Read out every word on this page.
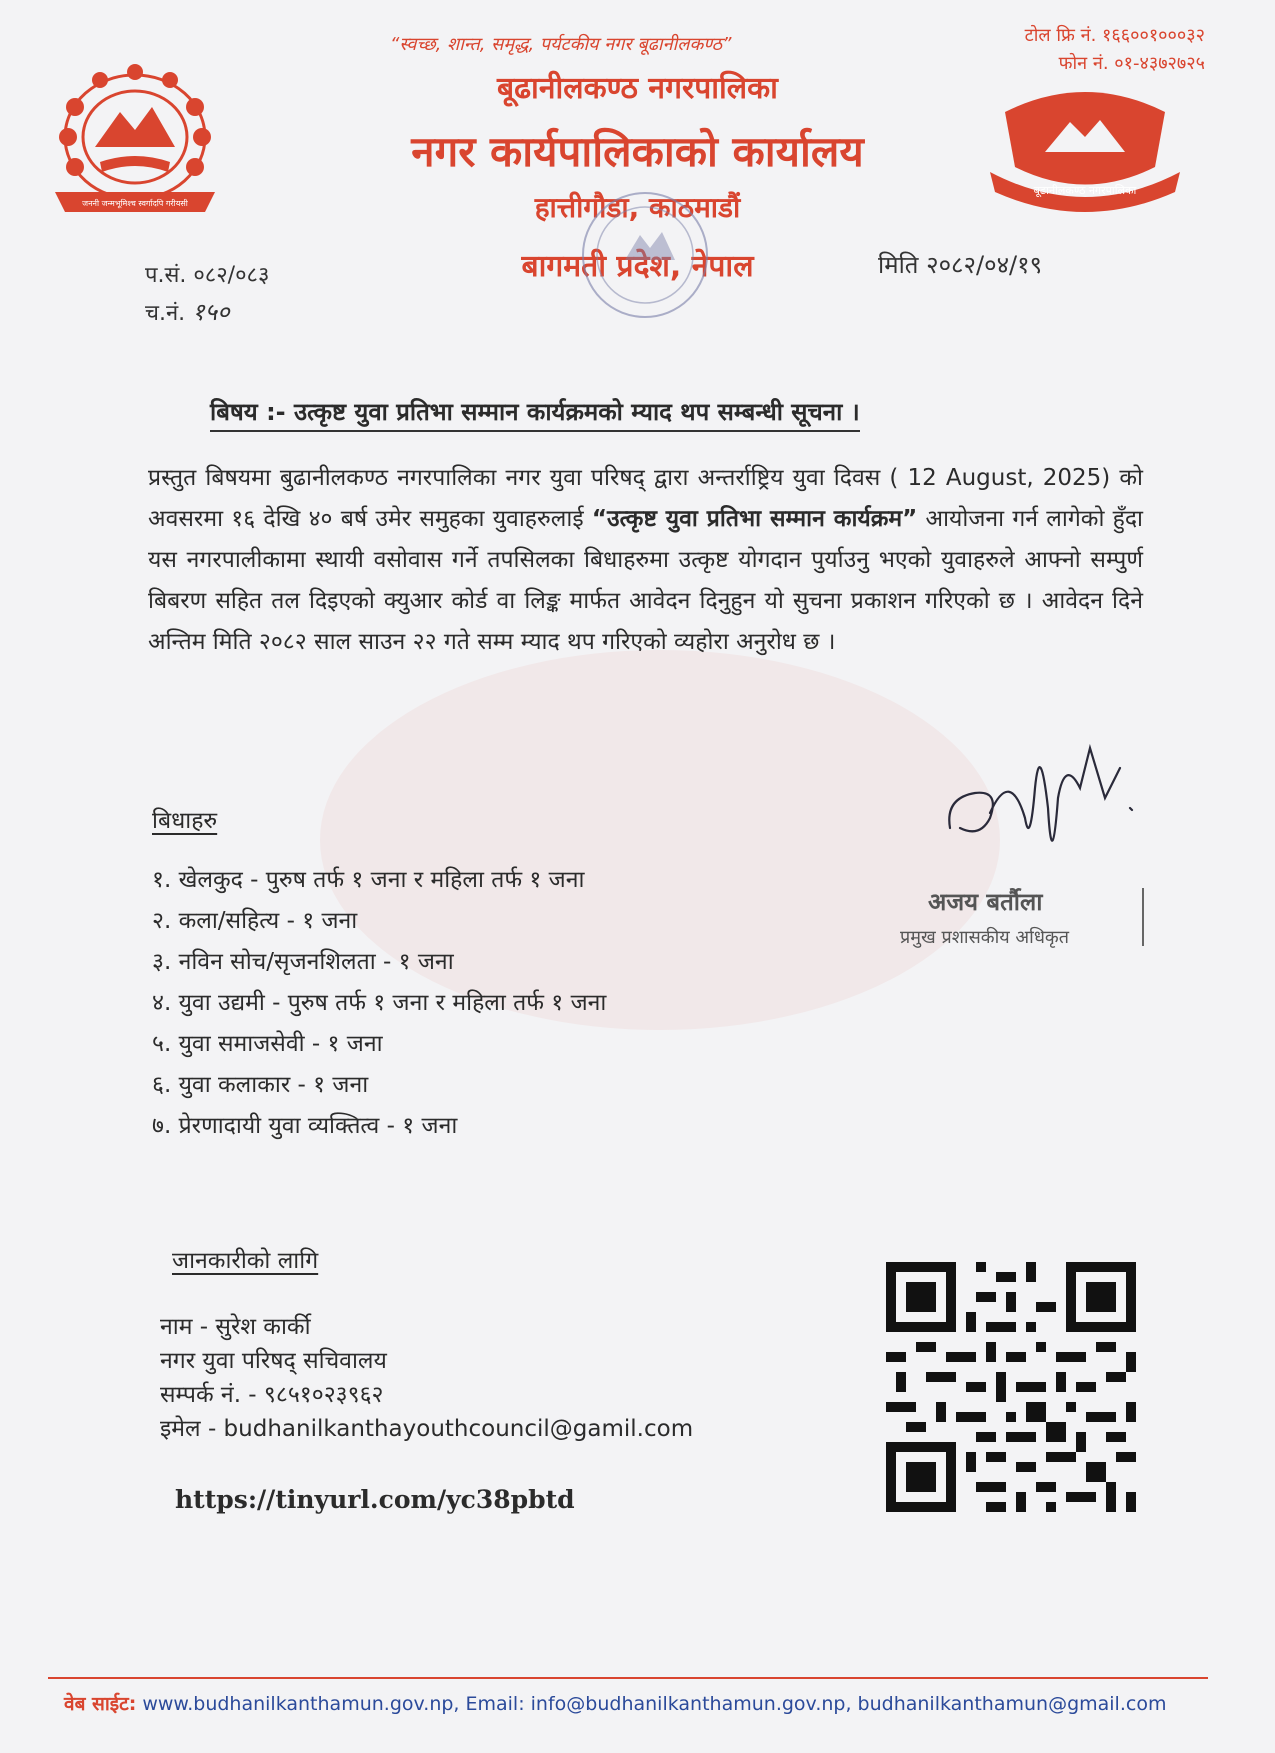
जननी जन्मभूमिश्च स्वर्गादपि गरीयसी
बूढानीलकण्ठ नगरपालिका
“स्वच्छ, शान्त, समृद्ध, पर्यटकीय नगर बूढानीलकण्ठ”	टोल फ्रि नं. १६६००१०००३२
फोन नं. ०१-४३७२७२५
बूढानीलकण्ठ नगरपालिका
नगर कार्यपालिकाको कार्यालय
हात्तीगौडा, काठमाडौं
बागमती प्रदेश, नेपाल
प.सं. ०८२/०८३
च.नं. १५०
मिति २०८२/०४/१९
बिषय :- उत्कृष्ट युवा प्रतिभा सम्मान कार्यक्रमको म्याद थप सम्बन्धी सूचना ।
प्रस्तुत बिषयमा बुढानीलकण्ठ नगरपालिका नगर युवा परिषद् द्वारा अन्तर्राष्ट्रिय युवा दिवस ( 12 August, 2025) को अवसरमा १६ देखि ४० बर्ष उमेर समुहका युवाहरुलाई “उत्कृष्ट युवा प्रतिभा सम्मान कार्यक्रम” आयोजना गर्न लागेको हुँदा यस नगरपालीकामा स्थायी वसोवास गर्ने तपसिलका बिधाहरुमा उत्कृष्ट योगदान पुर्याउनु भएको युवाहरुले आफ्नो सम्पुर्ण बिबरण सहित तल दिइएको क्युआर कोर्ड वा लिङ्क मार्फत आवेदन दिनुहुन यो सुचना प्रकाशन गरिएको छ । आवेदन दिने अन्तिम मिति २०८२ साल साउन २२ गते सम्म म्याद थप गरिएको व्यहोरा अनुरोध छ ।
बिधाहरु
१. खेलकुद - पुरुष तर्फ १ जना र महिला तर्फ १ जना
२. कला/सहित्य - १ जना
३. नविन सोच/सृजनशिलता - १ जना
४. युवा उद्यमी - पुरुष तर्फ १ जना र महिला तर्फ १ जना
५. युवा समाजसेवी - १ जना
६. युवा कलाकार - १ जना
७. प्रेरणादायी युवा व्यक्तित्व - १ जना
अजय बर्तौला
प्रमुख प्रशासकीय अधिकृत
जानकारीको लागि
नाम - सुरेश कार्की
नगर युवा परिषद् सचिवालय
सम्पर्क नं. - ९८५१०२३९६२
इमेल - budhanilkanthayouthcouncil@gamil.com
https://tinyurl.com/yc38pbtd
वेब साईट: www.budhanilkanthamun.gov.np, Email: info@budhanilkanthamun.gov.np, budhanilkanthamun@gmail.com
